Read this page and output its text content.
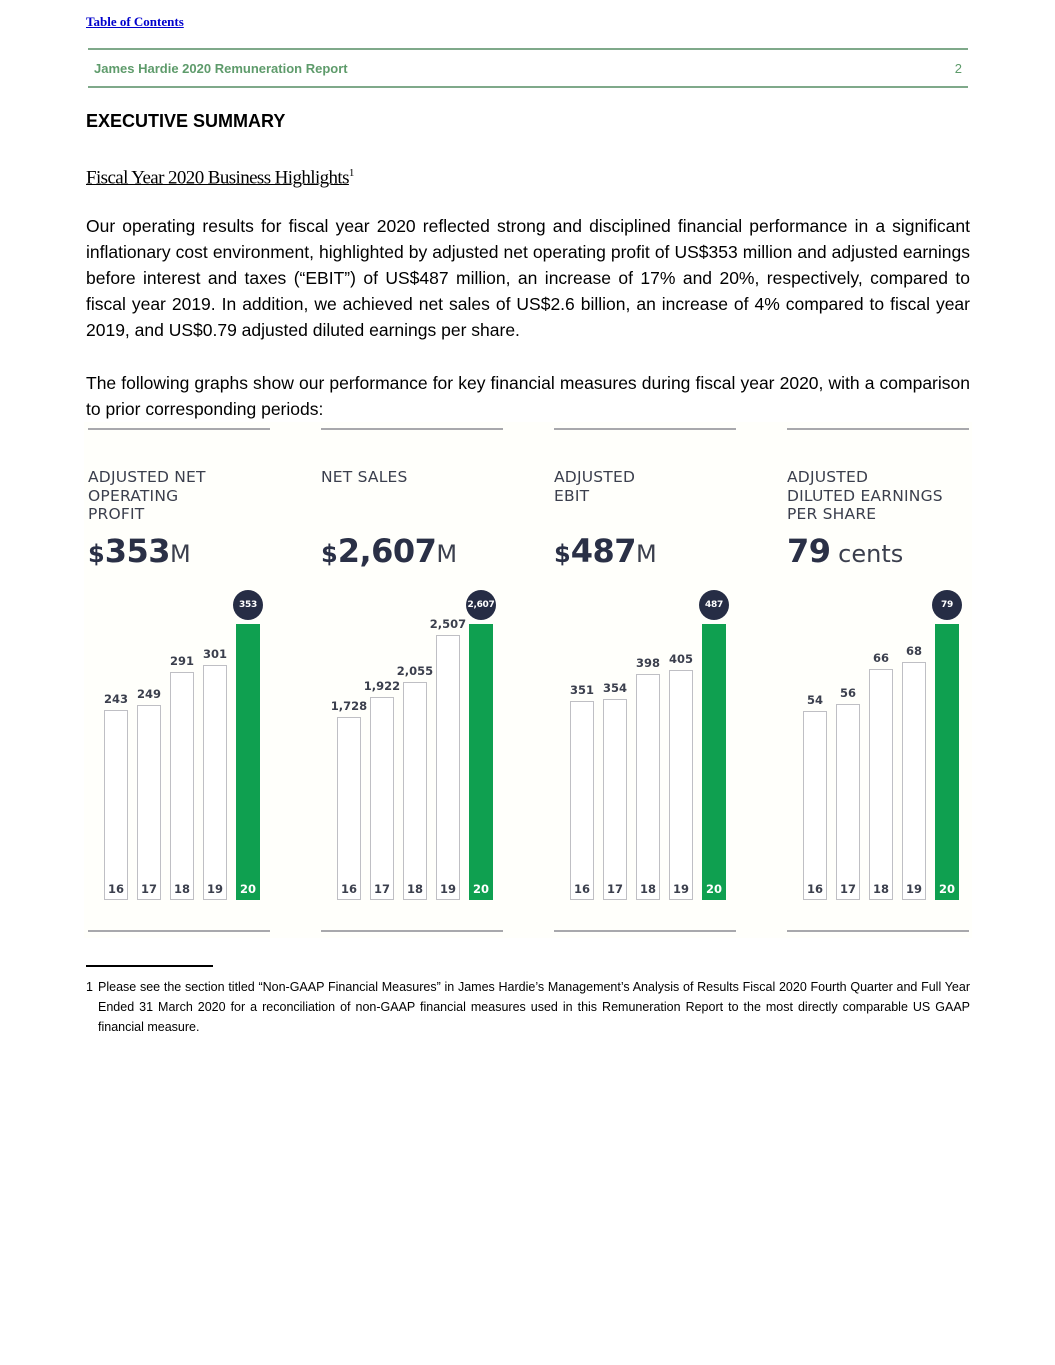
Table of Contents
James Hardie 2020 Remuneration Report	2
EXECUTIVE SUMMARY
Fiscal Year 2020 Business Highlights$^1$
Our operating results for fiscal year 2020 reflected strong and disciplined financial performance in a significant inflationary cost environment, highlighted by adjusted net operating profit of US$353 million and adjusted earnings before interest and taxes (“EBIT”) of US$487 million, an increase of 17% and 20%, respectively, compared to fiscal year 2019. In addition, we achieved net sales of US$2.6 billion, an increase of 4% compared to fiscal year 2019, and US$0.79 adjusted diluted earnings per share.
The following graphs show our performance for key financial measures during fiscal year 2020, with a comparison to prior corresponding periods:
ADJUSTED NET
OPERATING
PROFIT
$353M
16
243
17
249
18
291
19
301
20
353
NET SALES
$2,607M
16
1,728
17
1,922
18
2,055
19
2,507
20
2,607
ADJUSTED
EBIT
$487M
16
351
17
354
18
398
19
405
20
487
ADJUSTED
DILUTED EARNINGS
PER SHARE
79 cents
16
54
17
56
18
66
19
68
20
79
1 Please see the section titled “Non-GAAP Financial Measures” in James Hardie’s Management’s Analysis of Results Fiscal 2020 Fourth Quarter and Full Year Ended 31 March 2020 for a reconciliation of non-GAAP financial measures used in this Remuneration Report to the most directly comparable US GAAP financial measure.
